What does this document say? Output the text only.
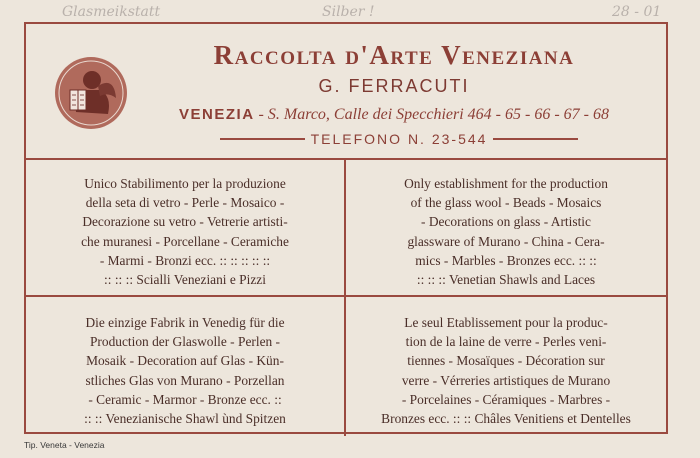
Glasmeikstatt	Silber !	28 - 01
Raccolta d'Arte Veneziana
G. FERRACUTI
VENEZIA - S. Marco, Calle dei Specchieri 464 - 65 - 66 - 67 - 68
TELEFONO N. 23-544
Unico Stabilimento per la produzione
della seta di vetro - Perle - Mosaico -
Decorazione su vetro - Vetrerie artisti-
che muranesi - Porcellane - Ceramiche
- Marmi - Bronzi ecc. :: :: :: :: ::
:: :: :: Scialli Veneziani e Pizzi
Only establishment for the production
of the glass wool - Beads - Mosaics
- Decorations on glass - Artistic
glassware of Murano - China - Cera-
mics - Marbles - Bronzes ecc. :: ::
:: :: :: Venetian Shawls and Laces
Die einzige Fabrik in Venedig für die
Production der Glaswolle - Perlen -
Mosaik - Decoration auf Glas - Kün-
stliches Glas von Murano - Porzellan
- Ceramic - Marmor - Bronze ecc. ::
:: :: Venezianische Shawl ùnd Spitzen
Le seul Etablissement pour la produc-
tion de la laine de verre - Perles veni-
tiennes - Mosaïques - Décoration sur
verre - Vérreries artistiques de Murano
- Porcelaines - Céramiques - Marbres -
Bronzes ecc. :: :: Châles Venitiens et Dentelles
Tip. Veneta - Venezia
